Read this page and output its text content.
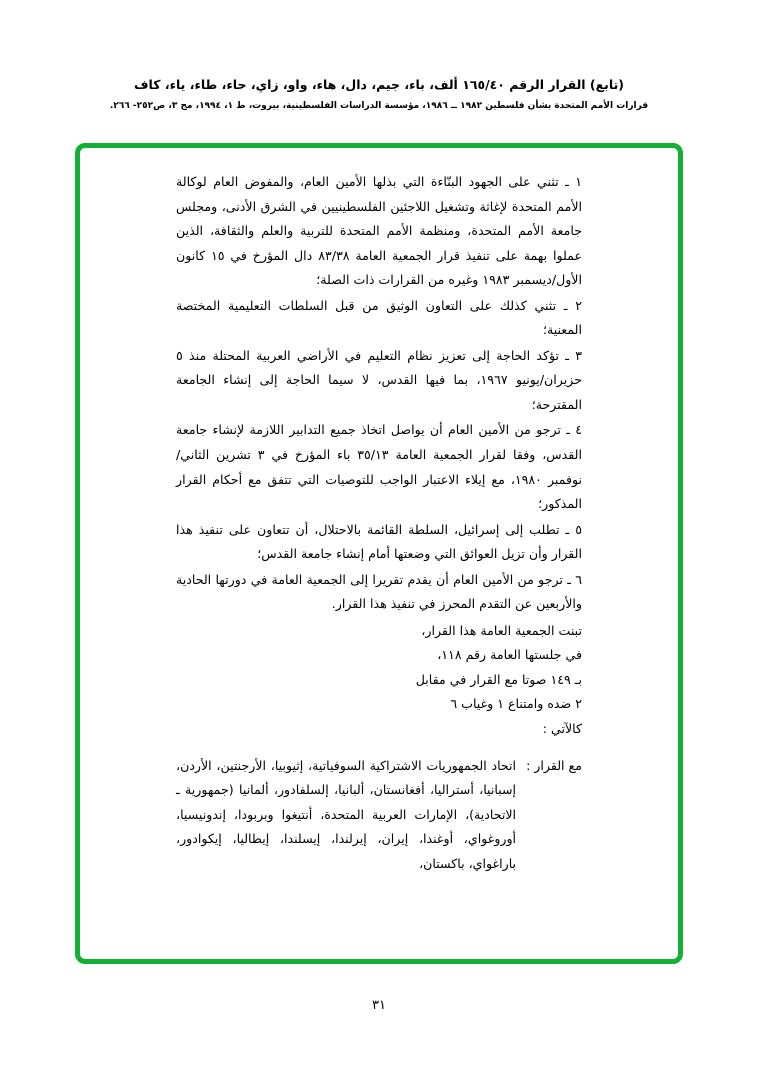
(تابع) القرار الرقم ١٦٥/٤٠ ألف، باء، جيم، دال، هاء، واو، زاي، حاء، طاء، ياء، كاف
قرارات الأمم المتحدة بشأن فلسطين ١٩٨٢ ــ ١٩٨٦، مؤسسة الدراسات الفلسطينية، بيروت، ط ١، ١٩٩٤، مج ٣، ص٢٥٢- ٢٦٦.

١ ـ تثني على الجهود البنّاءة التي بذلها الأمين العام، والمفوض العام لوكالة الأمم المتحدة لإغاثة وتشغيل اللاجئين الفلسطينيين في الشرق الأدنى، ومجلس جامعة الأمم المتحدة، ومنظمة الأمم المتحدة للتربية والعلم والثقافة، الذين عملوا بهمة على تنفيذ قرار الجمعية العامة ٨٣/٣٨ دال المؤرخ في ١٥ كانون الأول/ديسمبر ١٩٨٣ وغيره من القرارات ذات الصلة؛

٢ ـ تثني كذلك على التعاون الوثيق من قبل السلطات التعليمية المختصة المعنية؛

٣ ـ تؤكد الحاجة إلى تعزيز نظام التعليم في الأراضي العربية المحتلة منذ ٥ حزيران/يونيو ١٩٦٧، بما فيها القدس، لا سيما الحاجة إلى إنشاء الجامعة المقترحة؛

٤ ـ ترجو من الأمين العام أن يواصل اتخاذ جميع التدابير اللازمة لإنشاء جامعة القدس، وفقا لقرار الجمعية العامة ٣٥/١٣ باء المؤرخ في ٣ تشرين الثاني/نوفمبر ١٩٨٠، مع إيلاء الاعتبار الواجب للتوصيات التي تتفق مع أحكام القرار المذكور؛

٥ ـ تطلب إلى إسرائيل، السلطة القائمة بالاحتلال، أن تتعاون على تنفيذ هذا القرار وأن تزيل العوائق التي وضعتها أمام إنشاء جامعة القدس؛

٦ ـ ترجو من الأمين العام أن يقدم تقريرا إلى الجمعية العامة في دورتها الحادية والأربعين عن التقدم المحرز في تنفيذ هذا القرار.

تبنت الجمعية العامة هذا القرار،

في جلستها العامة رقم ١١٨،

بـ ١٤٩ صوتا مع القرار في مقابل

٢ ضده وامتناع ١ وغياب ٦

كالآتي :

مع القرار :

اتحاد الجمهوريات الاشتراكية السوفياتية، إثيوبيا، الأرجنتين، الأردن، إسبانيا، أستراليا، أفغانستان، ألبانيا، إلسلفادور، ألمانيا (جمهورية ـ الاتحادية)، الإمارات العربية المتحدة، أنتيغوا وبربودا، إندونيسيا، أوروغواي، أوغندا، إيران، إيرلندا، إيسلندا، إيطاليا، إيكوادور، باراغواي، باكستان،

٣١
